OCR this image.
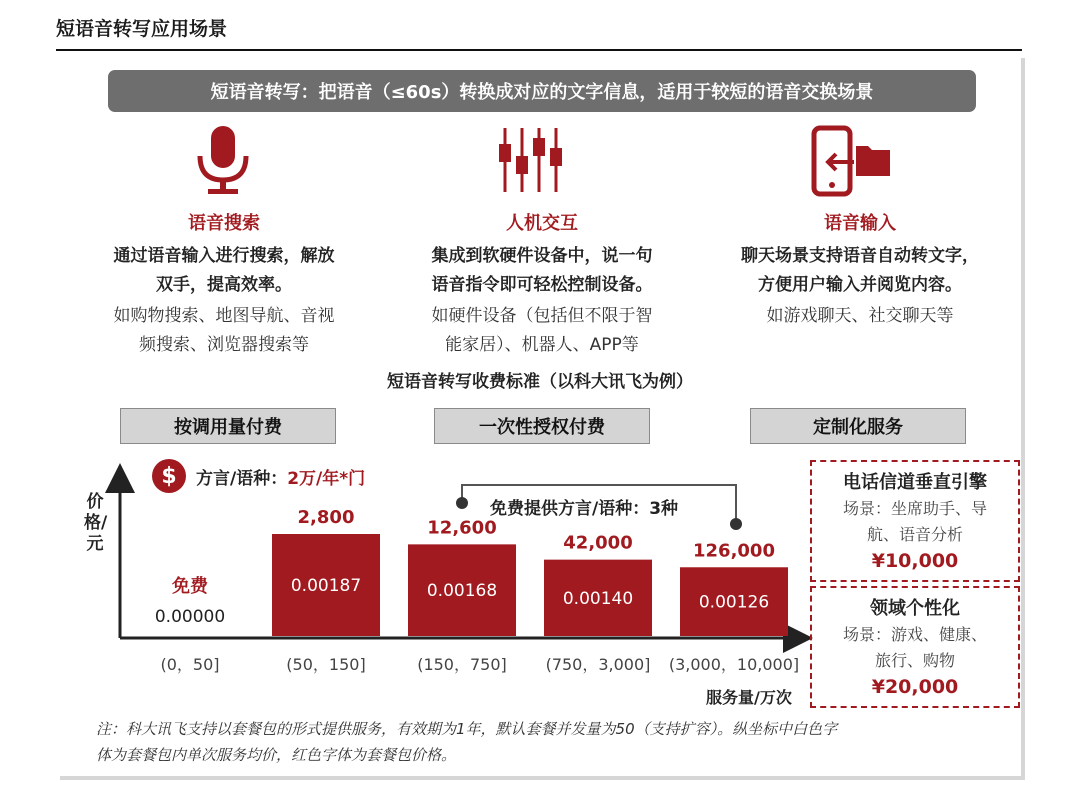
短语音转写应用场景
短语音转写：把语音（≤60s）转换成对应的文字信息，适用于较短的语音交换场景
语音搜索
通过语音输入进行搜索，解放
双手，提高效率。
如购物搜索、地图导航、音视
频搜索、浏览器搜索等
人机交互
集成到软硬件设备中，说一句
语音指令即可轻松控制设备。
如硬件设备（包括但不限于智
能家居）、机器人、APP等
语音输入
聊天场景支持语音自动转文字，
方便用户输入并阅览内容。
如游戏聊天、社交聊天等
短语音转写收费标准（以科大讯飞为例）
按调用量付费	一次性授权付费	定制化服务
$	方言/语种：2万/年*门
价格/元
0.00000
免费
(0，50]
0.00187
2,800
(50，150]
0.00168
12,600
(150，750]
0.00140
42,000
(750，3,000]
0.00126
126,000
(3,000，10,000]
免费提供方言/语种：3种
服务量/万次
电话信道垂直引擎
场景：坐席助手、导
航、语音分析
¥10,000
领域个性化
场景：游戏、健康、
旅行、购物
¥20,000
注：科大讯飞支持以套餐包的形式提供服务，有效期为1年，默认套餐并发量为50（支持扩容）。纵坐标中白色字
体为套餐包内单次服务均价，红色字体为套餐包价格。
